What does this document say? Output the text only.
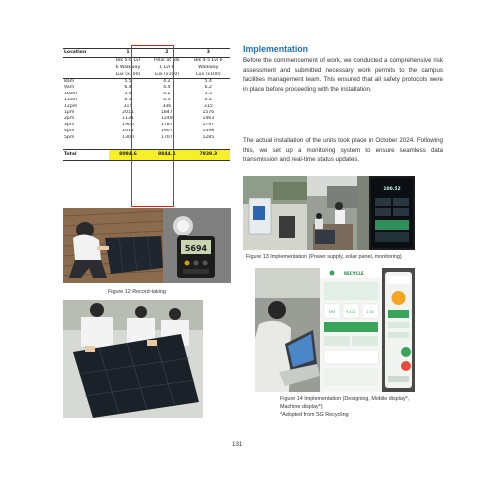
Location	1	2	3
	Blk 5-6 Lvl	Pillar at Blk	Blk 4-5 Lvl 6
	6 Walkway	1 Lvl 6	Walkway
	Lux (x100)	Lux (x100)	Lux (x100)
8am	5.5	4.2	5.4
9am	6.4	4.4	6.2
10am	5.4	4.2	5.5
11am	6.3	4.3	6.2
12pm	315	336	315
1pm	2011	1847	1576
2pm	1131	1249	1463
3pm	1900	1787	1797
4pm	1614	1907	1498
5pm	1300	1707	1285

Total	8094.6	8844.1	7939.3
Implementation

Before the commencement of work, we conducted a comprehensive risk assessment and submitted necessary work permits to the campus facilities management team. This ensured that all safety protocols were in place before proceeding with the installation.

The actual installation of the units took place in October 2024. Following this, we set up a monitoring system to ensure seamless data transmission and real-time status updates.

5694
100.52
Figure 13 Implementation (Power supply, solar panel, monitoring)
Figure 12 Record-taking
RECYCLE
593	5,421	1.52
Figure 14 Implementation (Designing, Mobile display*,
Machine display*)
*Adopted from SG Recycling
131
